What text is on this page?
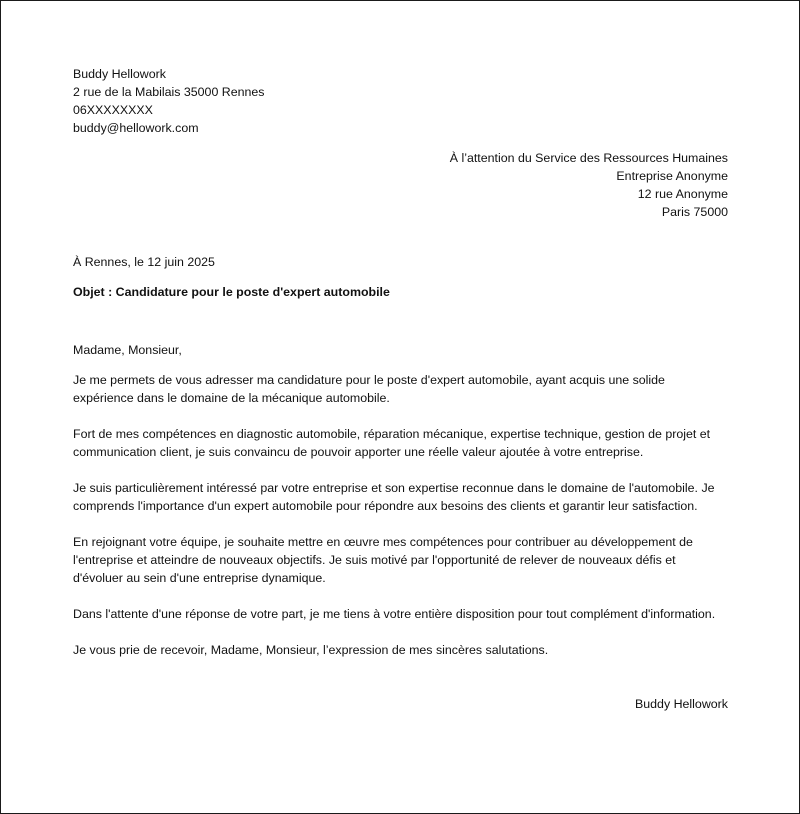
Buddy Hellowork
2 rue de la Mabilais 35000 Rennes
06XXXXXXXX
buddy@hellowork.com
À l’attention du Service des Ressources Humaines
Entreprise Anonyme
12 rue Anonyme
Paris 75000
À Rennes, le 12 juin 2025
Objet : Candidature pour le poste d'expert automobile
Madame, Monsieur,
Je me permets de vous adresser ma candidature pour le poste d'expert automobile, ayant acquis une solide expérience dans le domaine de la mécanique automobile.
Fort de mes compétences en diagnostic automobile, réparation mécanique, expertise technique, gestion de projet et communication client, je suis convaincu de pouvoir apporter une réelle valeur ajoutée à votre entreprise.
Je suis particulièrement intéressé par votre entreprise et son expertise reconnue dans le domaine de l'automobile. Je comprends l'importance d'un expert automobile pour répondre aux besoins des clients et garantir leur satisfaction.
En rejoignant votre équipe, je souhaite mettre en œuvre mes compétences pour contribuer au développement de l'entreprise et atteindre de nouveaux objectifs. Je suis motivé par l'opportunité de relever de nouveaux défis et d'évoluer au sein d'une entreprise dynamique.
Dans l'attente d'une réponse de votre part, je me tiens à votre entière disposition pour tout complément d'information.
Je vous prie de recevoir, Madame, Monsieur, l’expression de mes sincères salutations.
Buddy Hellowork
